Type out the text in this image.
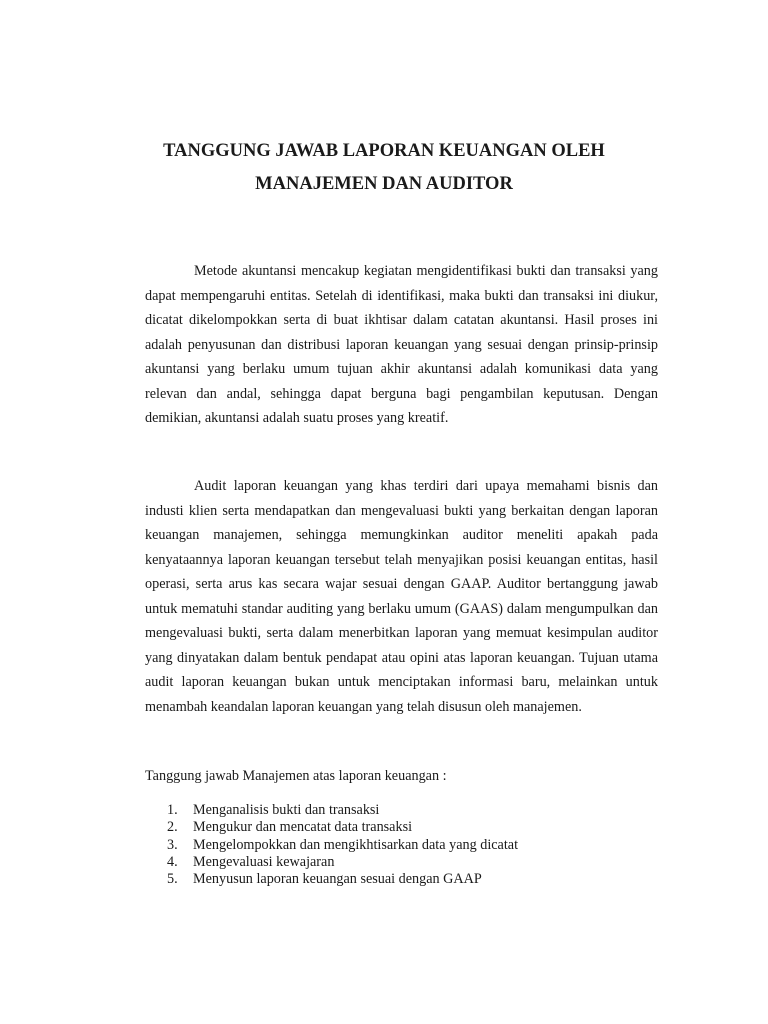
TANGGUNG JAWAB LAPORAN KEUANGAN OLEH
MANAJEMEN DAN AUDITOR

Metode akuntansi mencakup kegiatan mengidentifikasi bukti dan transaksi yang dapat mempengaruhi entitas. Setelah di identifikasi, maka bukti dan transaksi ini diukur, dicatat dikelompokkan serta di buat ikhtisar dalam catatan akuntansi. Hasil proses ini adalah penyusunan dan distribusi laporan keuangan yang sesuai dengan prinsip-prinsip akuntansi yang berlaku umum tujuan akhir akuntansi adalah komunikasi data yang relevan dan andal, sehingga dapat berguna bagi pengambilan keputusan. Dengan demikian, akuntansi adalah suatu proses yang kreatif.

Audit laporan keuangan yang khas terdiri dari upaya memahami bisnis dan industi klien serta mendapatkan dan mengevaluasi bukti yang berkaitan dengan laporan keuangan manajemen, sehingga memungkinkan auditor meneliti apakah pada kenyataannya laporan keuangan tersebut telah menyajikan posisi keuangan entitas, hasil operasi, serta arus kas secara wajar sesuai dengan GAAP. Auditor bertanggung jawab untuk mematuhi standar auditing yang berlaku umum (GAAS) dalam mengumpulkan dan mengevaluasi bukti, serta dalam menerbitkan laporan yang memuat kesimpulan auditor yang dinyatakan dalam bentuk pendapat atau opini atas laporan keuangan. Tujuan utama audit laporan keuangan bukan untuk menciptakan informasi baru, melainkan untuk menambah keandalan laporan keuangan yang telah disusun oleh manajemen.

Tanggung jawab Manajemen atas laporan keuangan :

1.	Menganalisis bukti dan transaksi
2.	Mengukur dan mencatat data transaksi
3.	Mengelompokkan dan mengikhtisarkan data yang dicatat
4.	Mengevaluasi kewajaran
5.	Menyusun laporan keuangan sesuai dengan GAAP
